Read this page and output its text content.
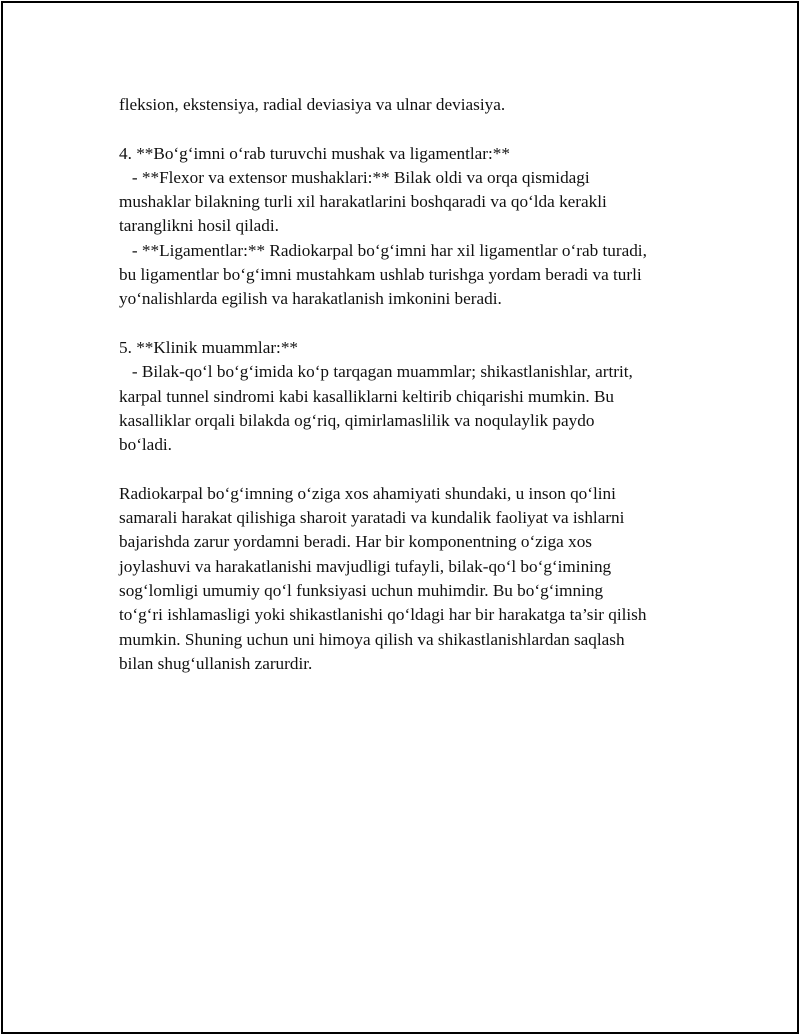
fleksion, ekstensiya, radial deviasiya va ulnar deviasiya.
4. **Bo‘g‘imni o‘rab turuvchi mushak va ligamentlar:**
- **Flexor va extensor mushaklari:** Bilak oldi va orqa qismidagi
mushaklar bilakning turli xil harakatlarini boshqaradi va qo‘lda kerakli
taranglikni hosil qiladi.
- **Ligamentlar:** Radiokarpal bo‘g‘imni har xil ligamentlar o‘rab turadi,
bu ligamentlar bo‘g‘imni mustahkam ushlab turishga yordam beradi va turli
yo‘nalishlarda egilish va harakatlanish imkonini beradi.
5. **Klinik muammlar:**
- Bilak-qo‘l bo‘g‘imida ko‘p tarqagan muammlar; shikastlanishlar, artrit,
karpal tunnel sindromi kabi kasalliklarni keltirib chiqarishi mumkin. Bu
kasalliklar orqali bilakda og‘riq, qimirlamaslilik va noqulaylik paydo
bo‘ladi.
Radiokarpal bo‘g‘imning o‘ziga xos ahamiyati shundaki, u inson qo‘lini
samarali harakat qilishiga sharoit yaratadi va kundalik faoliyat va ishlarni
bajarishda zarur yordamni beradi. Har bir komponentning o‘ziga xos
joylashuvi va harakatlanishi mavjudligi tufayli, bilak-qo‘l bo‘g‘imining
sog‘lomligi umumiy qo‘l funksiyasi uchun muhimdir. Bu bo‘g‘imning
to‘g‘ri ishlamasligi yoki shikastlanishi qo‘ldagi har bir harakatga ta’sir qilish
mumkin. Shuning uchun uni himoya qilish va shikastlanishlardan saqlash
bilan shug‘ullanish zarurdir.
